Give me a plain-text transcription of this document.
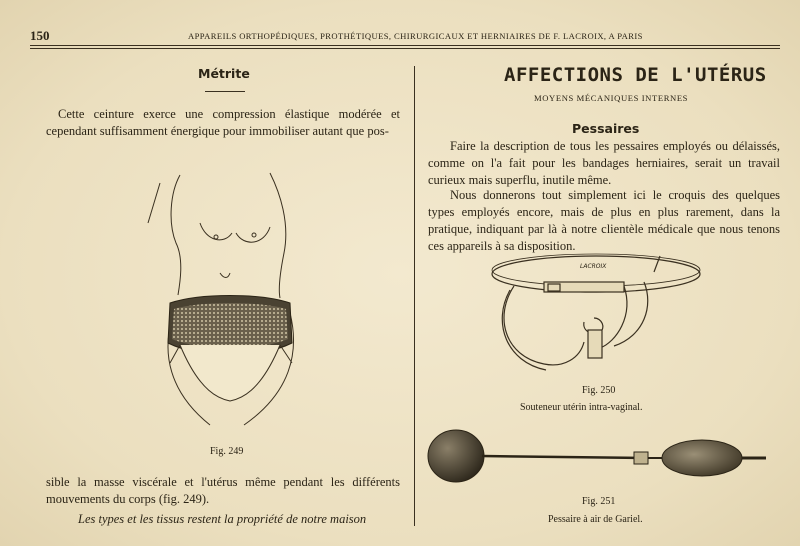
150	APPAREILS ORTHOPÉDIQUES, PROTHÉTIQUES, CHIRURGICAUX ET HERNIAIRES DE F. LACROIX, A PARIS
Métrite
Cette ceinture exerce une compression élastique modérée et cependant suffisamment énergique pour immobiliser autant que pos-
Fig. 249
sible la masse viscérale et l'utérus même pendant les différents mouvements du corps (fig. 249).
Les types et les tissus restent la propriété de notre maison
AFFECTIONS DE L'UTÉRUS
MOYENS MÉCANIQUES INTERNES
Pessaires
Faire la description de tous les pessaires employés ou délaissés, comme on l'a fait pour les bandages herniaires, serait un travail curieux mais superflu, inutile même.
Nous donnerons tout simplement ici le croquis des quelques types employés encore, mais de plus en plus rarement, dans la pratique, indiquant par là à notre clientèle médicale que nous tenons ces appareils à sa disposition.
LACROIX
Fig. 250
Souteneur utérin intra-vaginal.
Fig. 251
Pessaire à air de Gariel.
